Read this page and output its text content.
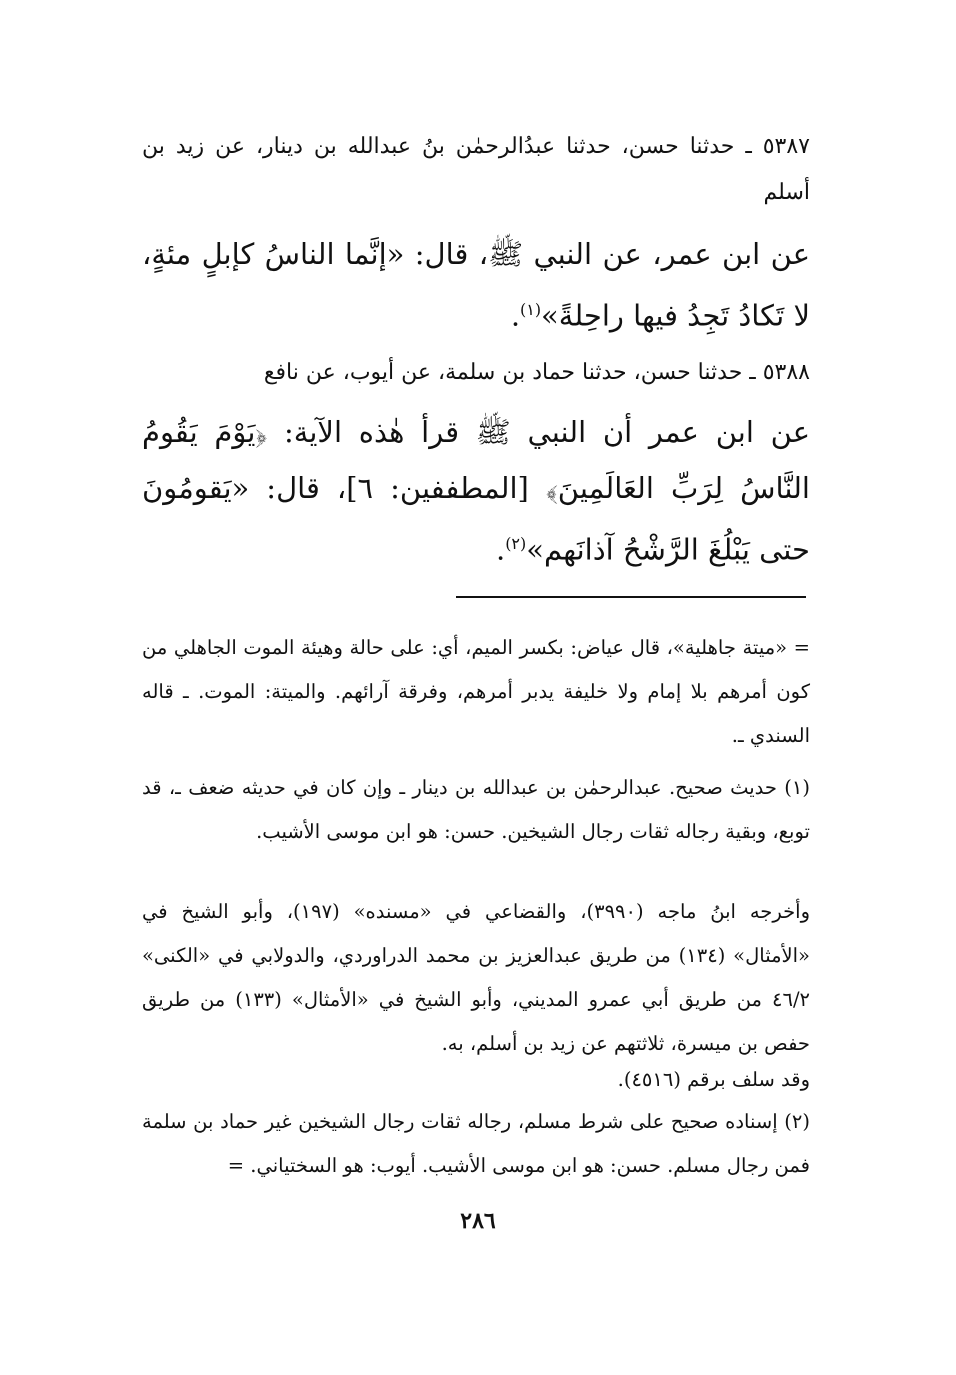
٥٣٨٧ ـ حدثنا حسن، حدثنا عبدُالرحمٰن بنُ عبدالله بن دينار، عن زيد بن أسلم
عن ابن عمر، عن النبي ﷺ، قال: «إنَّما الناسُ كإبلٍ مئةٍ، لا تَكادُ تَجِدُ فيها راحِلةً»$^{(١)}$.
٥٣٨٨ ـ حدثنا حسن، حدثنا حماد بن سلمة، عن أيوب، عن نافع
عن ابن عمر أن النبي ﷺ قرأ هٰذه الآية: ﴿يَوْمَ يَقُومُ النَّاسُ لِرَبِّ العَالَمِينَ﴾ [المطففين: ٦]، قال: «يَقومُونَ حتى يَبْلُغَ الرَّشْحُ آذانَهم»$^{(٢)}$.
= «ميتة جاهلية»، قال عياض: بكسر الميم، أي: على حالة وهيئة الموت الجاهلي من كون أمرهم بلا إمام ولا خليفة يدبر أمرهم، وفرقة آرائهم. والميتة: الموت. ـ قاله السندي ـ.
(١) حديث صحيح. عبدالرحمٰن بن عبدالله بن دينار ـ وإن كان في حديثه ضعف ـ، قد توبع، وبقية رجاله ثقات رجال الشيخين. حسن: هو ابن موسى الأشيب.
وأخرجه ابنُ ماجه (٣٩٩٠)، والقضاعي في «مسنده» (١٩٧)، وأبو الشيخ في «الأمثال» (١٣٤) من طريق عبدالعزيز بن محمد الدراوردي، والدولابي في «الكنى» ٤٦/٢ من طريق أبي عمرو المديني، وأبو الشيخ في «الأمثال» (١٣٣) من طريق حفص بن ميسرة، ثلاثتهم عن زيد بن أسلم، به.
وقد سلف برقم (٤٥١٦).
(٢) إسناده صحيح على شرط مسلم، رجاله ثقات رجال الشيخين غير حماد بن سلمة فمن رجال مسلم. حسن: هو ابن موسى الأشيب. أيوب: هو السختياني. =
٢٨٦
